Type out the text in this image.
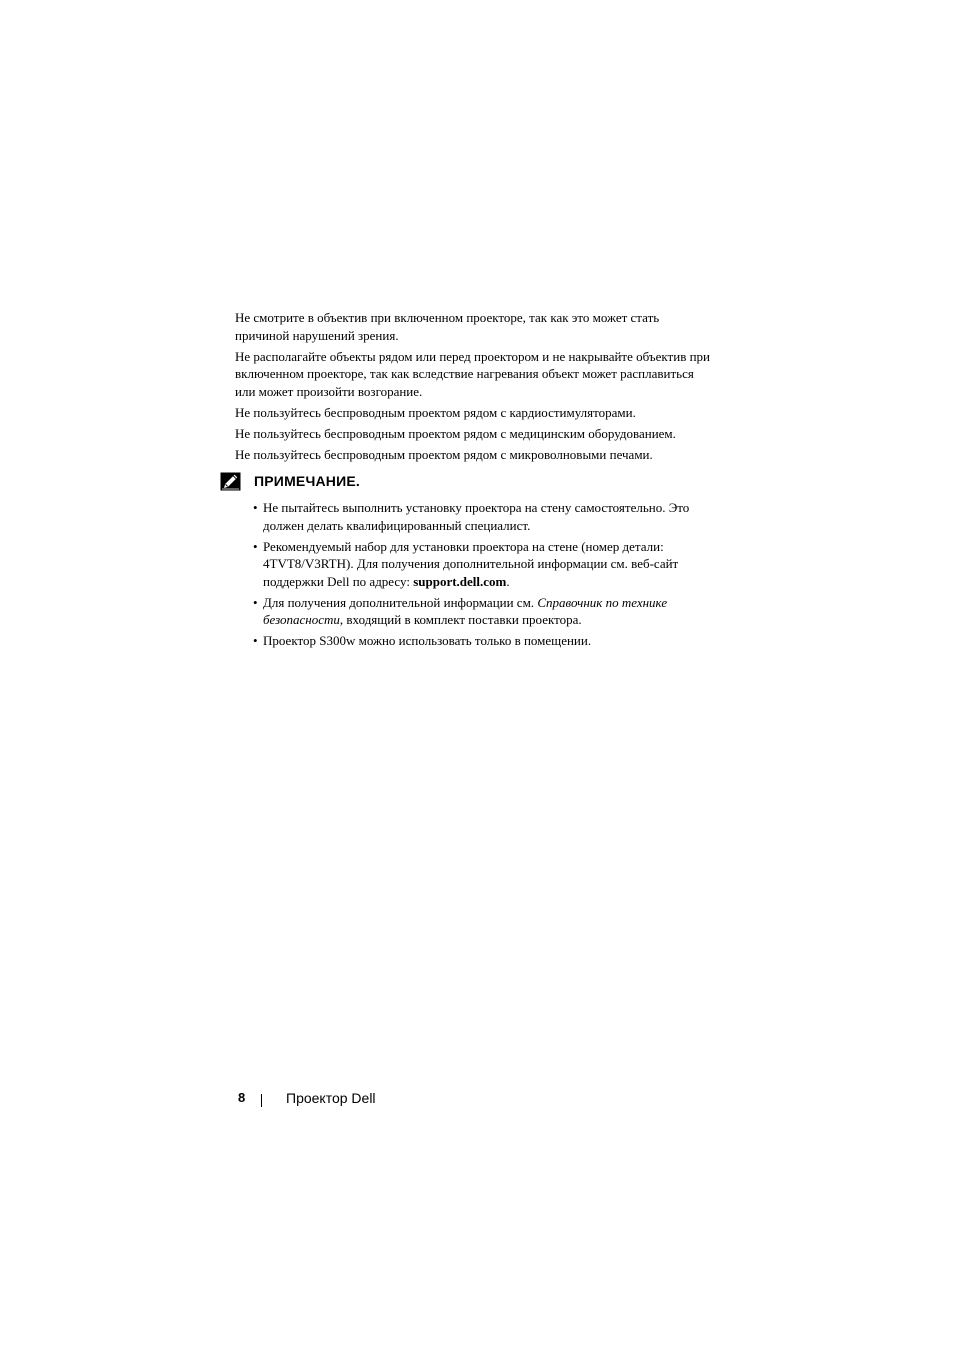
Не смотрите в объектив при включенном проекторе, так как это может стать причиной нарушений зрения.
Не располагайте объекты рядом или перед проектором и не накрывайте объектив при включенном проекторе, так как вследствие нагревания объект может расплавиться или может произойти возгорание.
Не пользуйтесь беспроводным проектом рядом с кардиостимуляторами.
Не пользуйтесь беспроводным проектом рядом с медицинским оборудованием.
Не пользуйтесь беспроводным проектом рядом с микроволновыми печами.
ПРИМЕЧАНИЕ.
• Не пытайтесь выполнить установку проектора на стену самостоятельно. Это должен делать квалифицированный специалист.
• Рекомендуемый набор для установки проектора на стене (номер детали: 4TVT8/V3RTH). Для получения дополнительной информации см. веб-сайт поддержки Dell по адресу: support.dell.com.
• Для получения дополнительной информации см. Справочник по технике безопасности, входящий в комплект поставки проектора.
• Проектор S300w можно использовать только в помещении.
8	Проектор Dell
